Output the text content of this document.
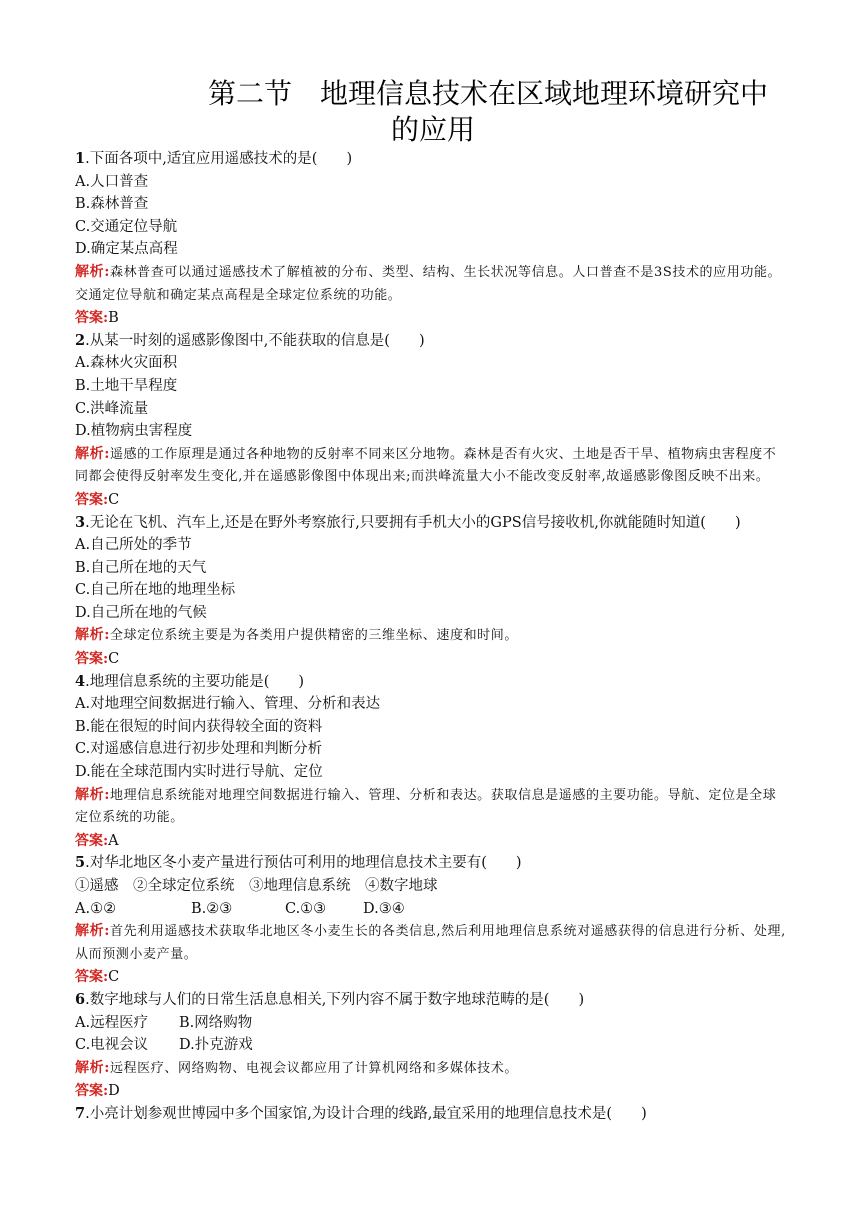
第二节　地理信息技术在区域地理环境研究中
的应用
1.下面各项中,适宜应用遥感技术的是(　　)
A.人口普查
B.森林普查
C.交通定位导航
D.确定某点高程
解析:森林普查可以通过遥感技术了解植被的分布、类型、结构、生长状况等信息。人口普查不是3S技术的应用功能。交通定位导航和确定某点高程是全球定位系统的功能。
答案:B
2.从某一时刻的遥感影像图中,不能获取的信息是(　　)
A.森林火灾面积
B.土地干旱程度
C.洪峰流量
D.植物病虫害程度
解析:遥感的工作原理是通过各种地物的反射率不同来区分地物。森林是否有火灾、土地是否干旱、植物病虫害程度不同都会使得反射率发生变化,并在遥感影像图中体现出来;而洪峰流量大小不能改变反射率,故遥感影像图反映不出来。
答案:C
3.无论在飞机、汽车上,还是在野外考察旅行,只要拥有手机大小的GPS信号接收机,你就能随时知道(　　)
A.自己所处的季节
B.自己所在地的天气
C.自己所在地的地理坐标
D.自己所在地的气候
解析:全球定位系统主要是为各类用户提供精密的三维坐标、速度和时间。
答案:C
4.地理信息系统的主要功能是(　　)
A.对地理空间数据进行输入、管理、分析和表达
B.能在很短的时间内获得较全面的资料
C.对遥感信息进行初步处理和判断分析
D.能在全球范围内实时进行导航、定位
解析:地理信息系统能对地理空间数据进行输入、管理、分析和表达。获取信息是遥感的主要功能。导航、定位是全球定位系统的功能。
答案:A
5.对华北地区冬小麦产量进行预估可利用的地理信息技术主要有(　　)
①遥感　②全球定位系统　③地理信息系统　④数字地球
A.①②	B.②③	C.①③	D.③④
解析:首先利用遥感技术获取华北地区冬小麦生长的各类信息,然后利用地理信息系统对遥感获得的信息进行分析、处理,从而预测小麦产量。
答案:C
6.数字地球与人们的日常生活息息相关,下列内容不属于数字地球范畴的是(　　)
A.远程医疗 B.网络购物
C.电视会议 D.扑克游戏
解析:远程医疗、网络购物、电视会议都应用了计算机网络和多媒体技术。
答案:D
7.小亮计划参观世博园中多个国家馆,为设计合理的线路,最宜采用的地理信息技术是(　　)
